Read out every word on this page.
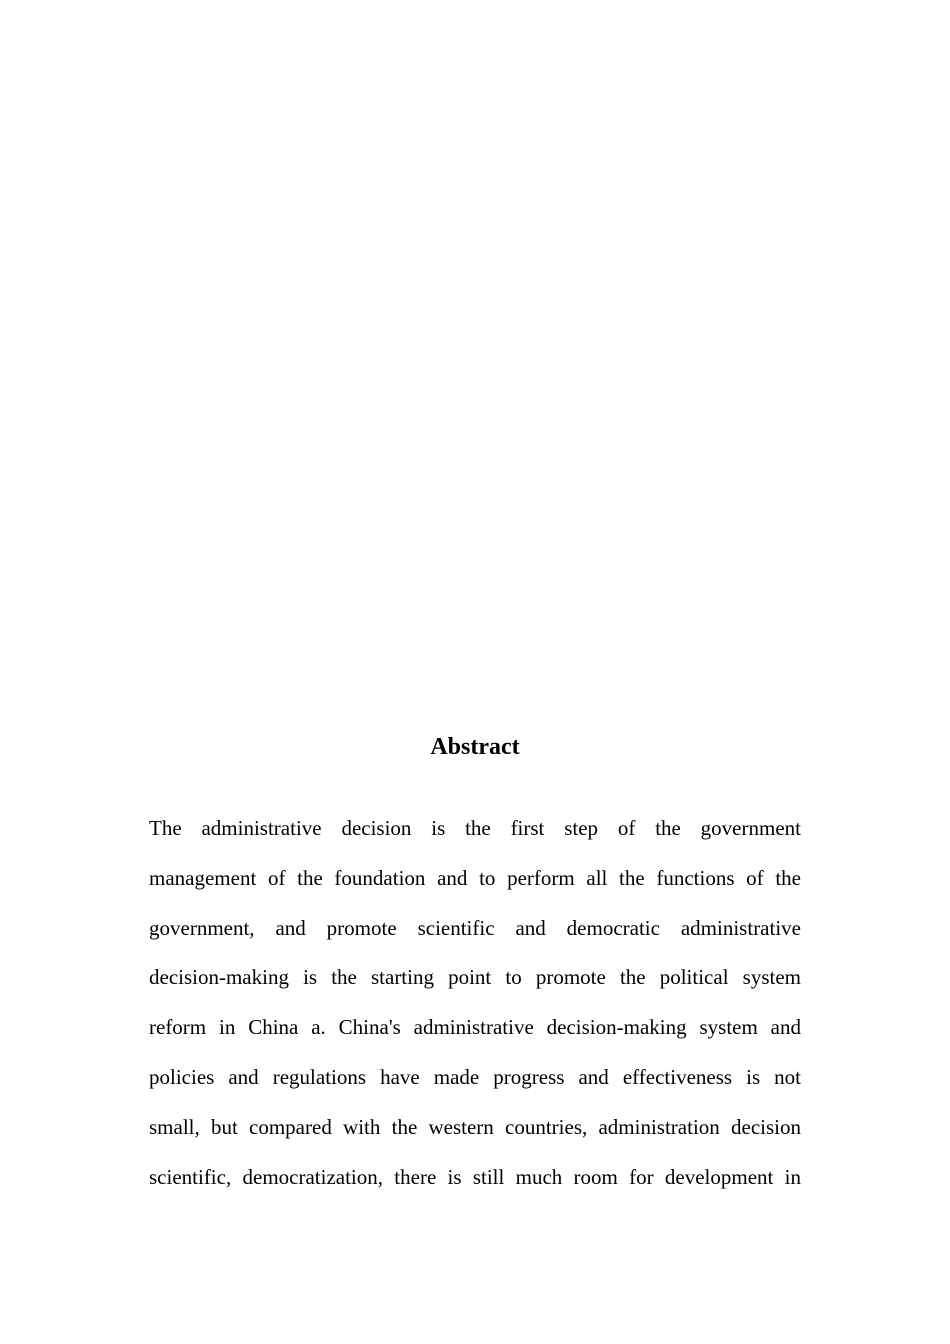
Abstract
The administrative decision is the first step of the government
management of the foundation and to perform all the functions of the
government, and promote scientific and democratic administrative
decision-making is the starting point to promote the political system
reform in China a. China's administrative decision-making system and
policies and regulations have made progress and effectiveness is not
small, but compared with the western countries, administration decision
scientific, democratization, there is still much room for development in
